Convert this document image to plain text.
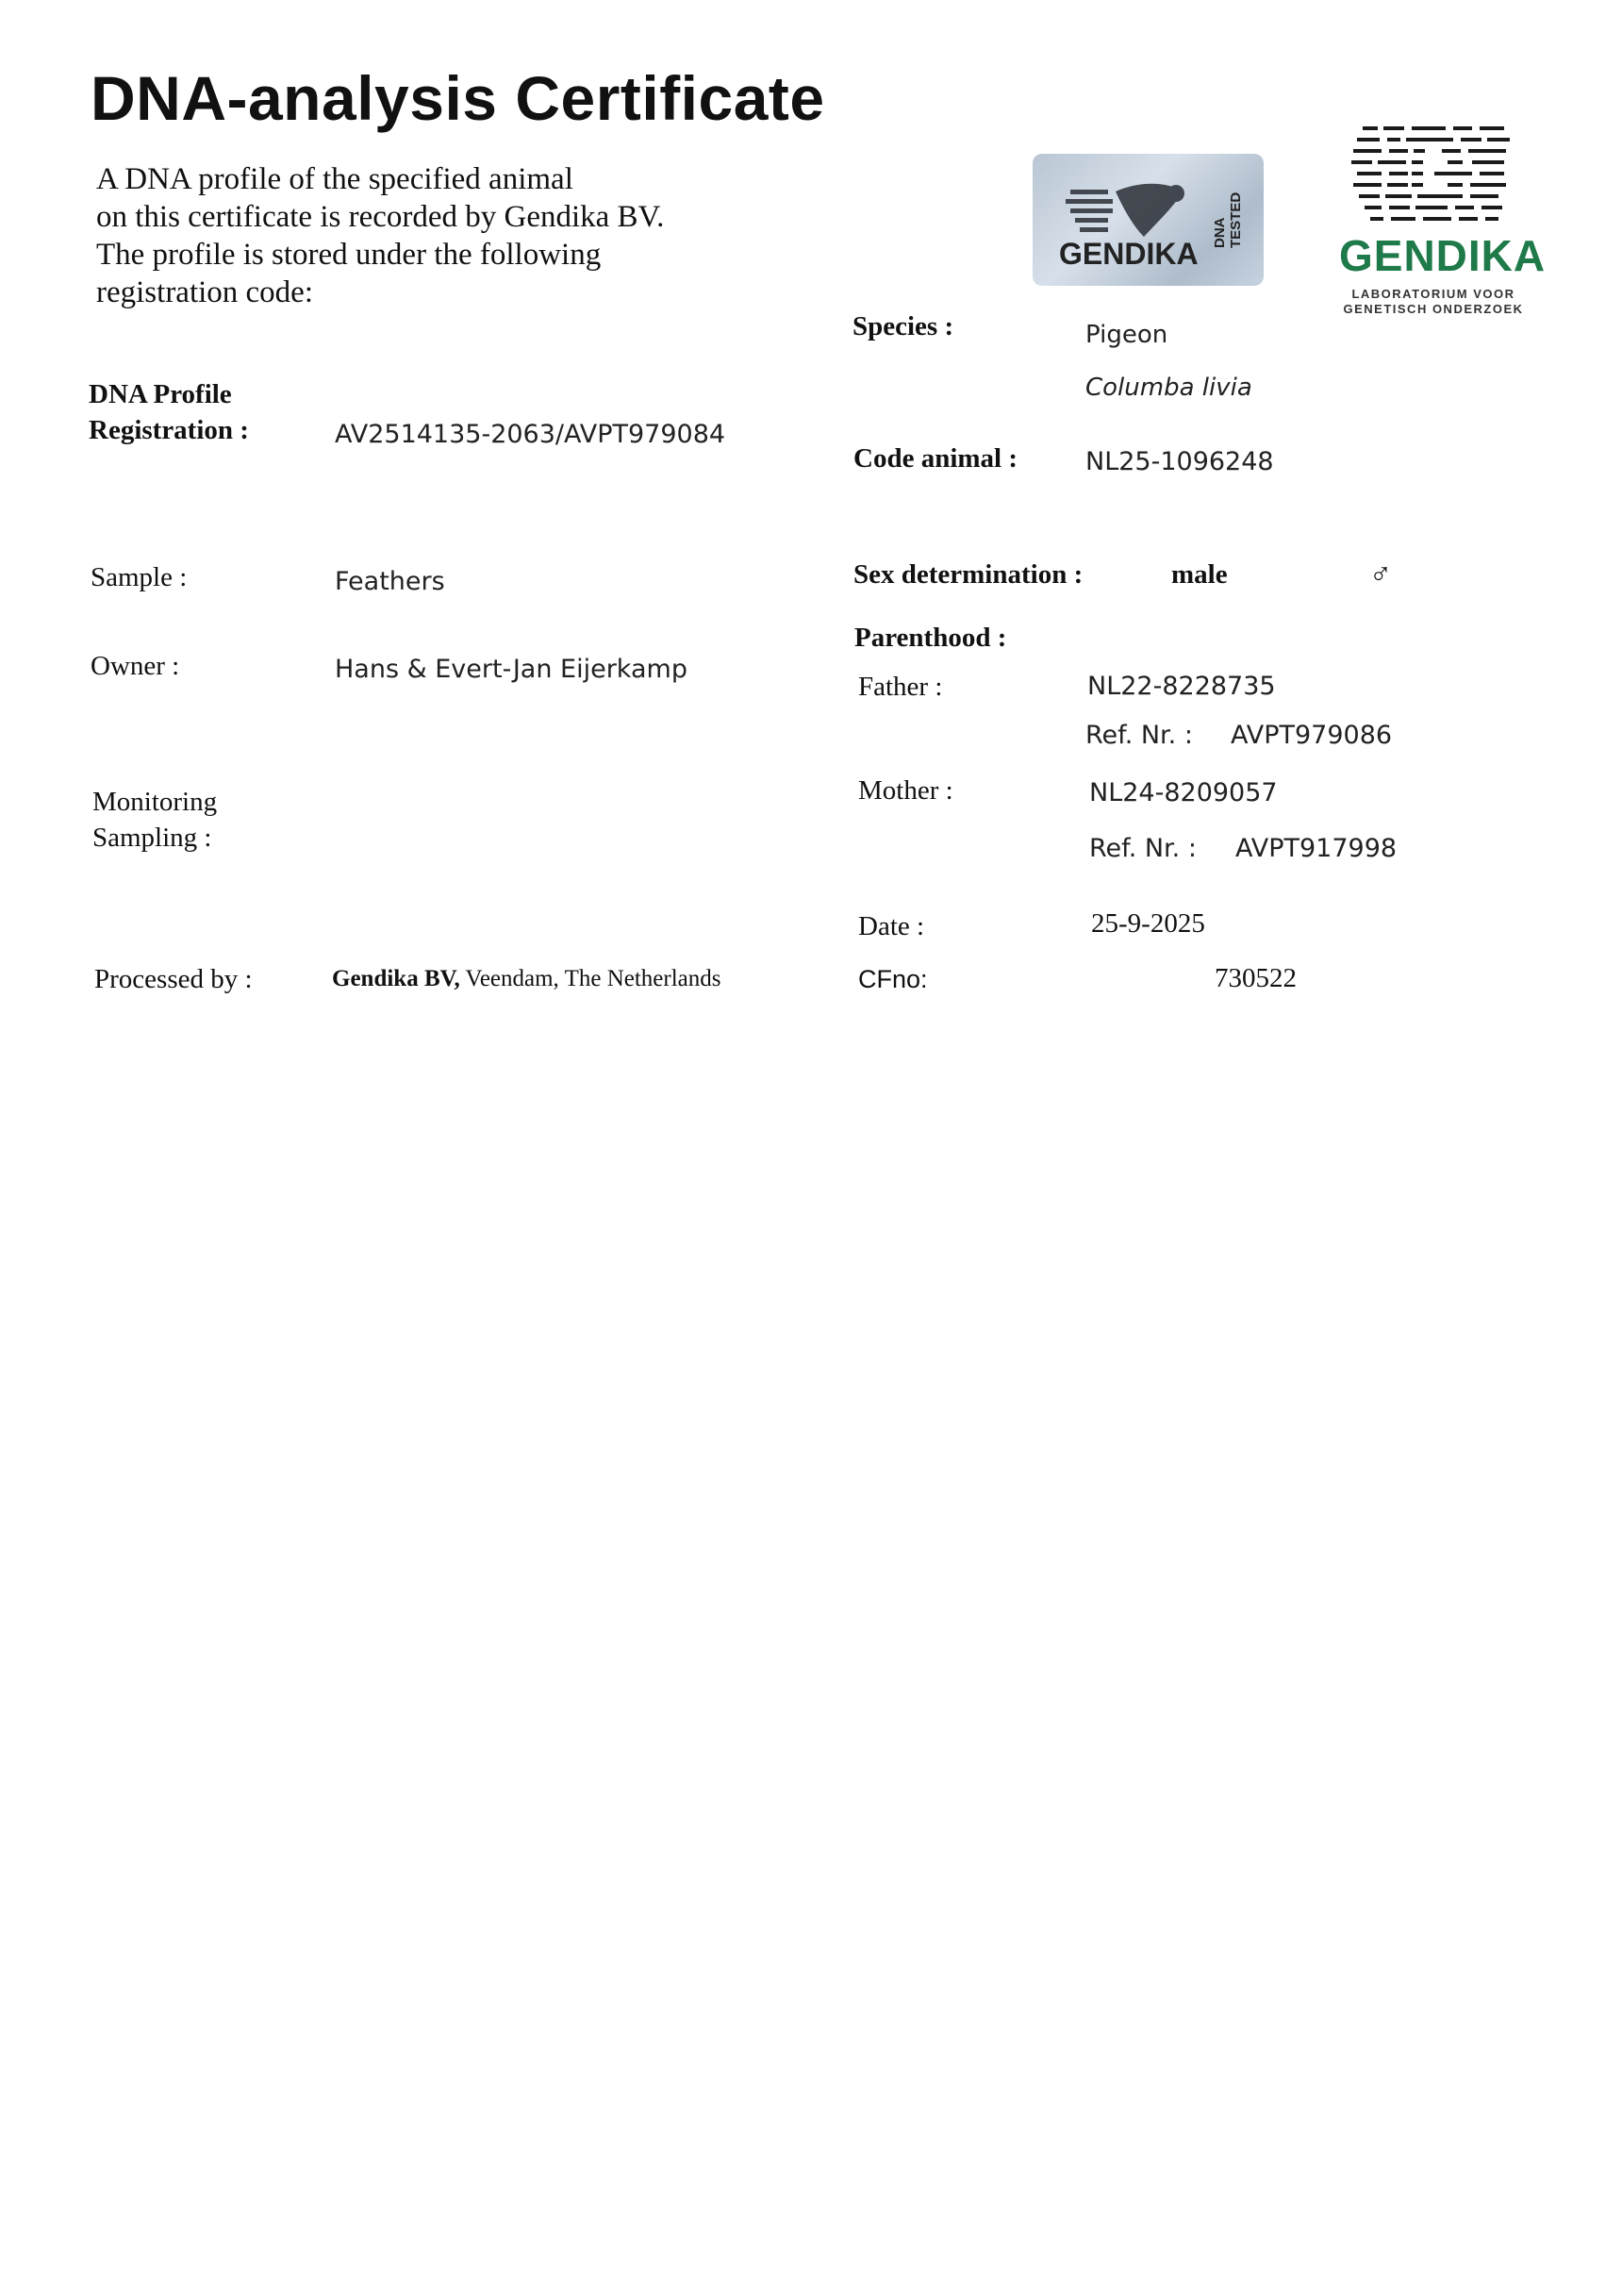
DNA-analysis Certificate
A DNA profile of the specified animal
on this certificate is recorded by Gendika BV.
The profile is stored under the following
registration code:
GENDIKA
DNA TESTED
GENDIKA
LABORATORIUM VOOR
GENETISCH ONDERZOEK
DNA Profile
Registration :	AV2514135-2063/AVPT979084
Sample :	Feathers
Owner :	Hans & Evert-Jan Eijerkamp
Monitoring
Sampling :
Processed by :	Gendika BV, Veendam, The Netherlands
Species :	Pigeon
Columba livia
Code animal :	NL25-1096248
Sex determination :	male	♂
Parenthood :
Father :	NL22-8228735
Ref. Nr. : AVPT979086
Mother :	NL24-8209057
Ref. Nr. : AVPT917998
Date :	25-9-2025
CFno:	730522
